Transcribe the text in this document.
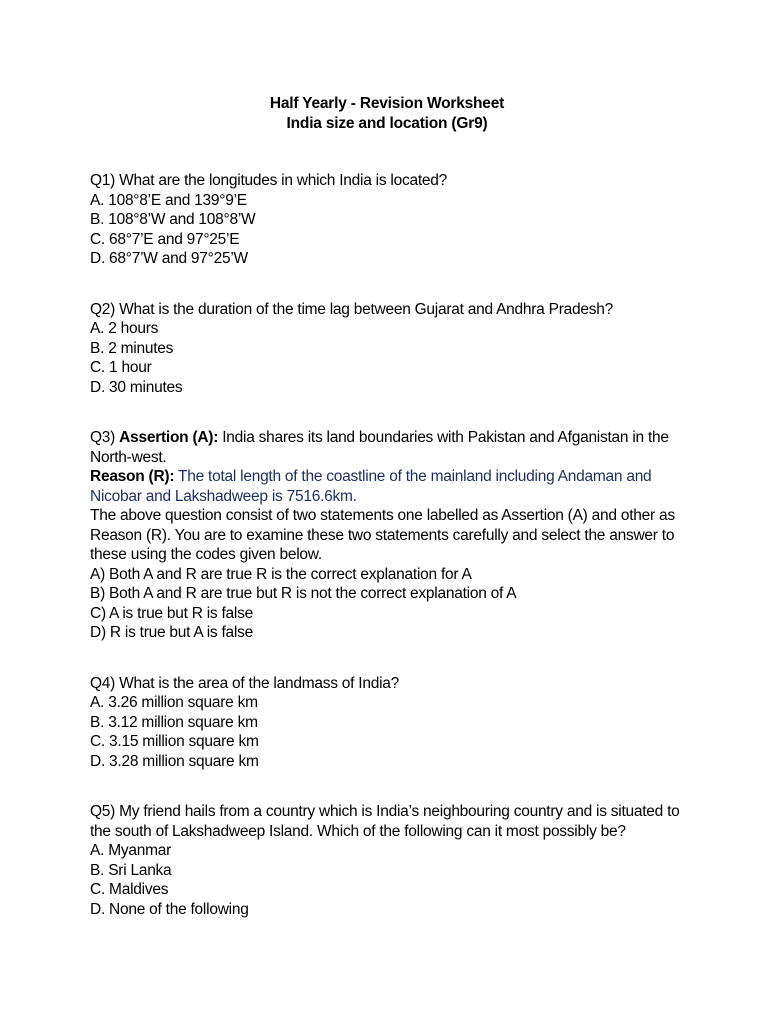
Half Yearly - Revision Worksheet
India size and location (Gr9)
Q1) What are the longitudes in which India is located?
A. 108°8’E and 139°9’E
B. 108°8’W and 108°8’W
C. 68°7’E and 97°25’E
D. 68°7’W and 97°25’W
Q2) What is the duration of the time lag between Gujarat and Andhra Pradesh?
A. 2 hours
B. 2 minutes
C. 1 hour
D. 30 minutes
Q3) Assertion (A): India shares its land boundaries with Pakistan and Afganistan in the North-west.
Reason (R): The total length of the coastline of the mainland including Andaman and Nicobar and Lakshadweep is 7516.6km.
The above question consist of two statements one labelled as Assertion (A) and other as Reason (R). You are to examine these two statements carefully and select the answer to these using the codes given below.
A) Both A and R are true R is the correct explanation for A
B) Both A and R are true but R is not the correct explanation of A
C) A is true but R is false
D) R is true but A is false
Q4) What is the area of the landmass of India?
A. 3.26 million square km
B. 3.12 million square km
C. 3.15 million square km
D. 3.28 million square km
Q5) My friend hails from a country which is India’s neighbouring country and is situated to the south of Lakshadweep Island. Which of the following can it most possibly be?
A. Myanmar
B. Sri Lanka
C. Maldives
D. None of the following
